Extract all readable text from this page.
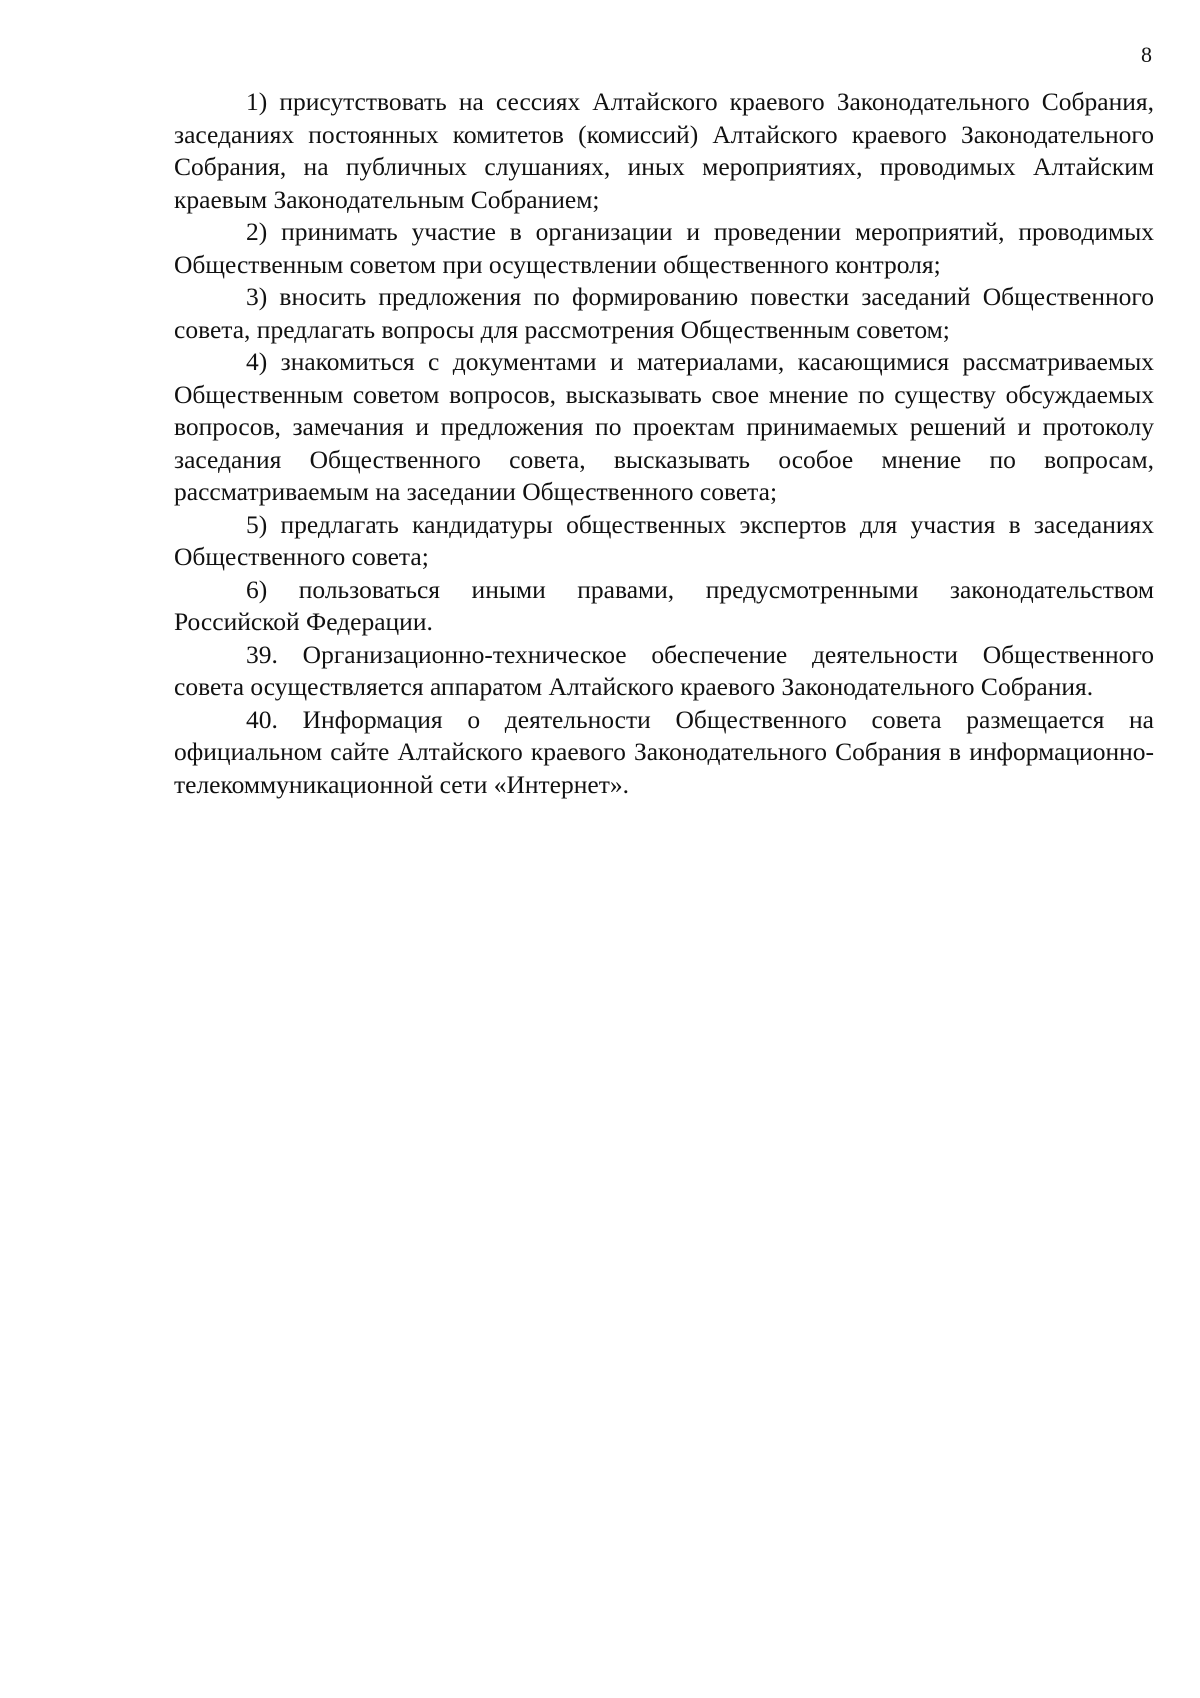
8

1) присутствовать на сессиях Алтайского краевого Законодательного Собрания, заседаниях постоянных комитетов (комиссий) Алтайского краевого Законодательного Собрания, на публичных слушаниях, иных мероприятиях, проводимых Алтайским краевым Законодательным Собранием;

2) принимать участие в организации и проведении мероприятий, проводимых Общественным советом при осуществлении общественного контроля;

3) вносить предложения по формированию повестки заседаний Общественного совета, предлагать вопросы для рассмотрения Общественным советом;

4) знакомиться с документами и материалами, касающимися рассматриваемых Общественным советом вопросов, высказывать свое мнение по существу обсуждаемых вопросов, замечания и предложения по проектам принимаемых решений и протоколу заседания Общественного совета, высказывать особое мнение по вопросам, рассматриваемым на заседании Общественного совета;

5) предлагать кандидатуры общественных экспертов для участия в заседаниях Общественного совета;

6) пользоваться иными правами, предусмотренными законодательством Российской Федерации.

39. Организационно-техническое обеспечение деятельности Общественного совета осуществляется аппаратом Алтайского краевого Законодательного Собрания.

40. Информация о деятельности Общественного совета размещается на официальном сайте Алтайского краевого Законодательного Собрания в информационно-телекоммуникационной сети «Интернет».
